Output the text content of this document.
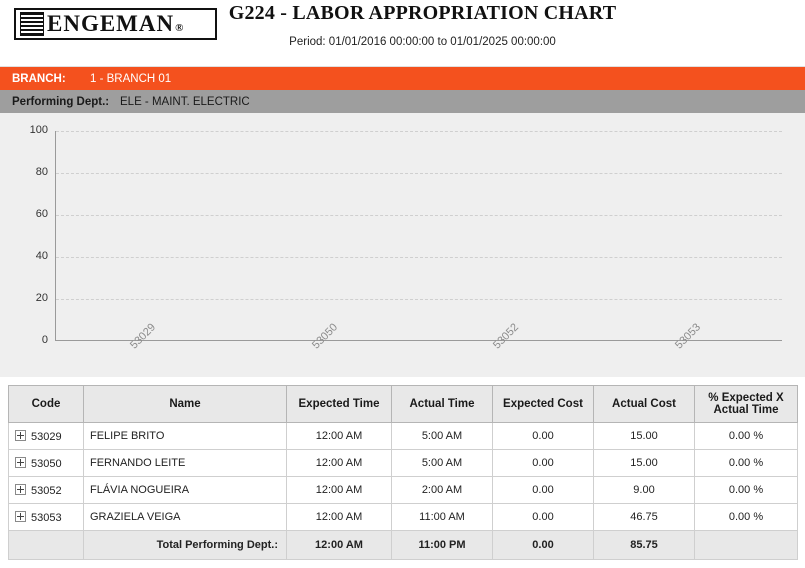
ENGEMAN®
G224 - LABOR APPROPRIATION CHART
Period: 01/01/2016 00:00:00 to 01/01/2025 00:00:00
BRANCH:	1 - BRANCH 01
Performing Dept.: ELE - MAINT. ELECTRIC
0
20
40
60
80
100
53029	53050	53052	53053
Code	Name	Expected Time	Actual Time	Expected Cost	Actual Cost	% Expected X Actual Time
53029	FELIPE BRITO	12:00 AM	5:00 AM	0.00	15.00	0.00 %
53050	FERNANDO LEITE	12:00 AM	5:00 AM	0.00	15.00	0.00 %
53052	FLÁVIA NOGUEIRA	12:00 AM	2:00 AM	0.00	9.00	0.00 %
53053	GRAZIELA VEIGA	12:00 AM	11:00 AM	0.00	46.75	0.00 %
	Total Performing Dept.:	12:00 AM	11:00 PM	0.00	85.75	
